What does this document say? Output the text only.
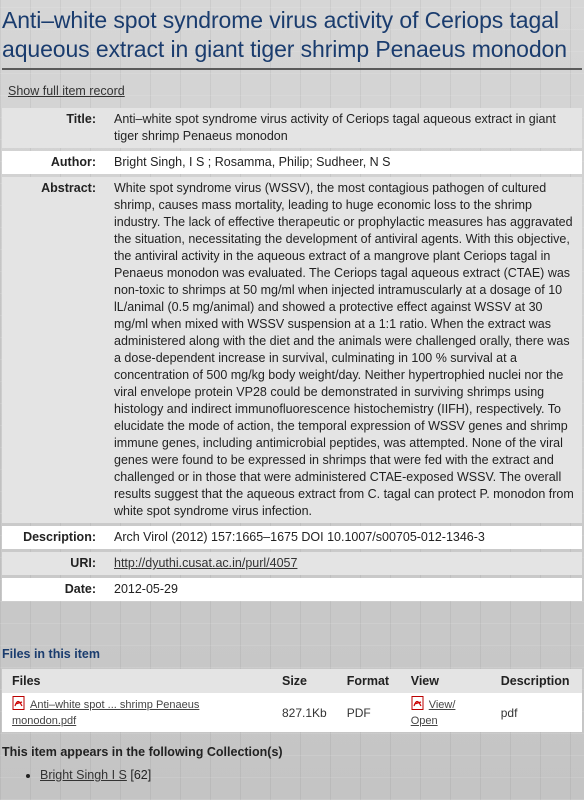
Anti–white spot syndrome virus activity of Ceriops tagal aqueous extract in giant tiger shrimp Penaeus monodon
Show full item record
Title:	Anti–white spot syndrome virus activity of Ceriops tagal aqueous extract in giant tiger shrimp Penaeus monodon
Author:	Bright Singh, I S ; Rosamma, Philip; Sudheer, N S
Abstract:	White spot syndrome virus (WSSV), the most contagious pathogen of cultured shrimp, causes mass mortality, leading to huge economic loss to the shrimp industry. The lack of effective therapeutic or prophylactic measures has aggravated the situation, necessitating the development of antiviral agents. With this objective, the antiviral activity in the aqueous extract of a mangrove plant Ceriops tagal in Penaeus monodon was evaluated. The Ceriops tagal aqueous extract (CTAE) was non-toxic to shrimps at 50 mg/ml when injected intramuscularly at a dosage of 10 lL/animal (0.5 mg/animal) and showed a protective effect against WSSV at 30 mg/ml when mixed with WSSV suspension at a 1:1 ratio. When the extract was administered along with the diet and the animals were challenged orally, there was a dose-dependent increase in survival, culminating in 100 % survival at a concentration of 500 mg/kg body weight/day. Neither hypertrophied nuclei nor the viral envelope protein VP28 could be demonstrated in surviving shrimps using histology and indirect immunofluorescence histochemistry (IIFH), respectively. To elucidate the mode of action, the temporal expression of WSSV genes and shrimp immune genes, including antimicrobial peptides, was attempted. None of the viral genes were found to be expressed in shrimps that were fed with the extract and challenged or in those that were administered CTAE-exposed WSSV. The overall results suggest that the aqueous extract from C. tagal can protect P. monodon from white spot syndrome virus infection.
Description:	Arch Virol (2012) 157:1665–1675 DOI 10.1007/s00705-012-1346-3
URI:	http://dyuthi.cusat.ac.in/purl/4057
Date:	2012-05-29
Files in this item
Files	Size	Format	View	Description
Anti–white spot ... shrimp Penaeus monodon.pdf	827.1Kb	PDF	View/ Open	pdf
This item appears in the following Collection(s)
• Bright Singh I S [62]
